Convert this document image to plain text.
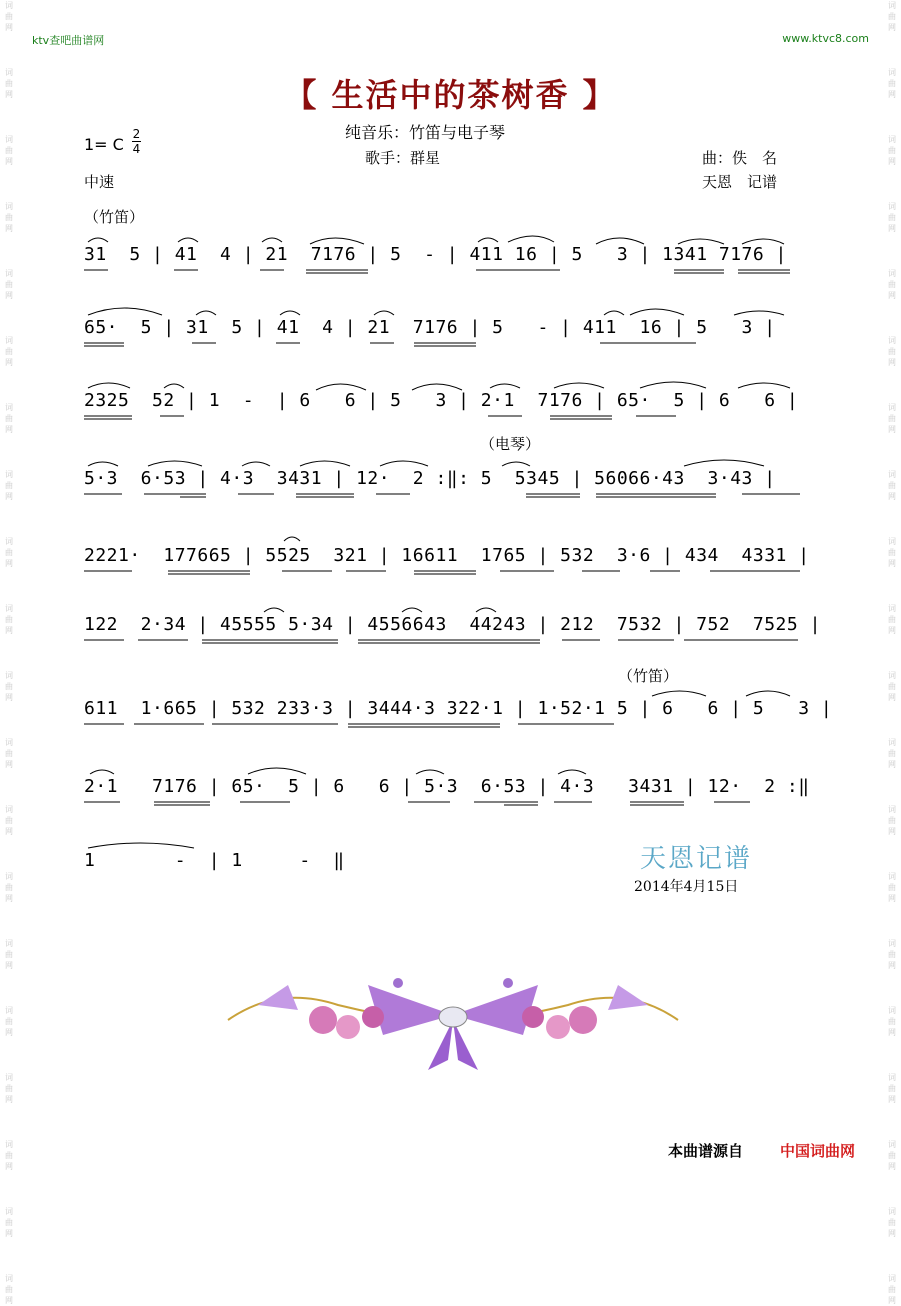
词
曲
网
词
曲
网
词
曲
网
词
曲
网
词
曲
网
词
曲
网
词
曲
网
词
曲
网
词
曲
网
词
曲
网
词
曲
网
词
曲
网
词
曲
网
词
曲
网
词
曲
网
词
曲
网
词
曲
网
词
曲
网
词
曲
网
词
曲
网
词
曲
网
词
曲
网
词
曲
网
词
曲
网
词
曲
网
词
曲
网
词
曲
网
词
曲
网
词
曲
网
词
曲
网
词
曲
网
词
曲
网
词
曲
网
词
曲
网
词
曲
网
词
曲
网
词
曲
网
词
曲
网
词
曲
网
词
曲
网
ktv查吧曲谱网	www.ktvc8.com
【 生活中的茶树香 】
纯音乐：竹笛与电子琴
歌手：群星	曲：佚　名
天恩　记谱
1= C
2
4
中速
（竹笛）
（电琴）
（竹笛）
31  5 | 41  4 | 21  7176 | 5  - | 411 16 | 5   3 | 1341 7176 |
65·  5 | 31  5 | 41  4 | 21  7176 | 5   - | 411  16 | 5   3 |
2325  52 | 1  -  | 6   6 | 5   3 | 2·1  7176 | 65·  5 | 6   6 |
5·3  6·53 | 4·3  3431 | 12·  2 :‖: 5  5345 | 56066·43  3·43 |
2221·  177665 | 5525  321 | 16611  1765 | 532  3·6 | 434  4331 |
122  2·34 | 45555 5·34 | 4556643  44243 | 212  7532 | 752  7525 |
611  1·665 | 532 233·3 | 3444·3 322·1 | 1·52·1 5 | 6   6 | 5   3 |
2·1   7176 | 65·  5 | 6   6 | 5·3  6·53 | 4·3   3431 | 12·  2 :‖
1       -  | 1     -  ‖	天恩记谱
2014年4月15日
本曲谱源自 中国词曲网
